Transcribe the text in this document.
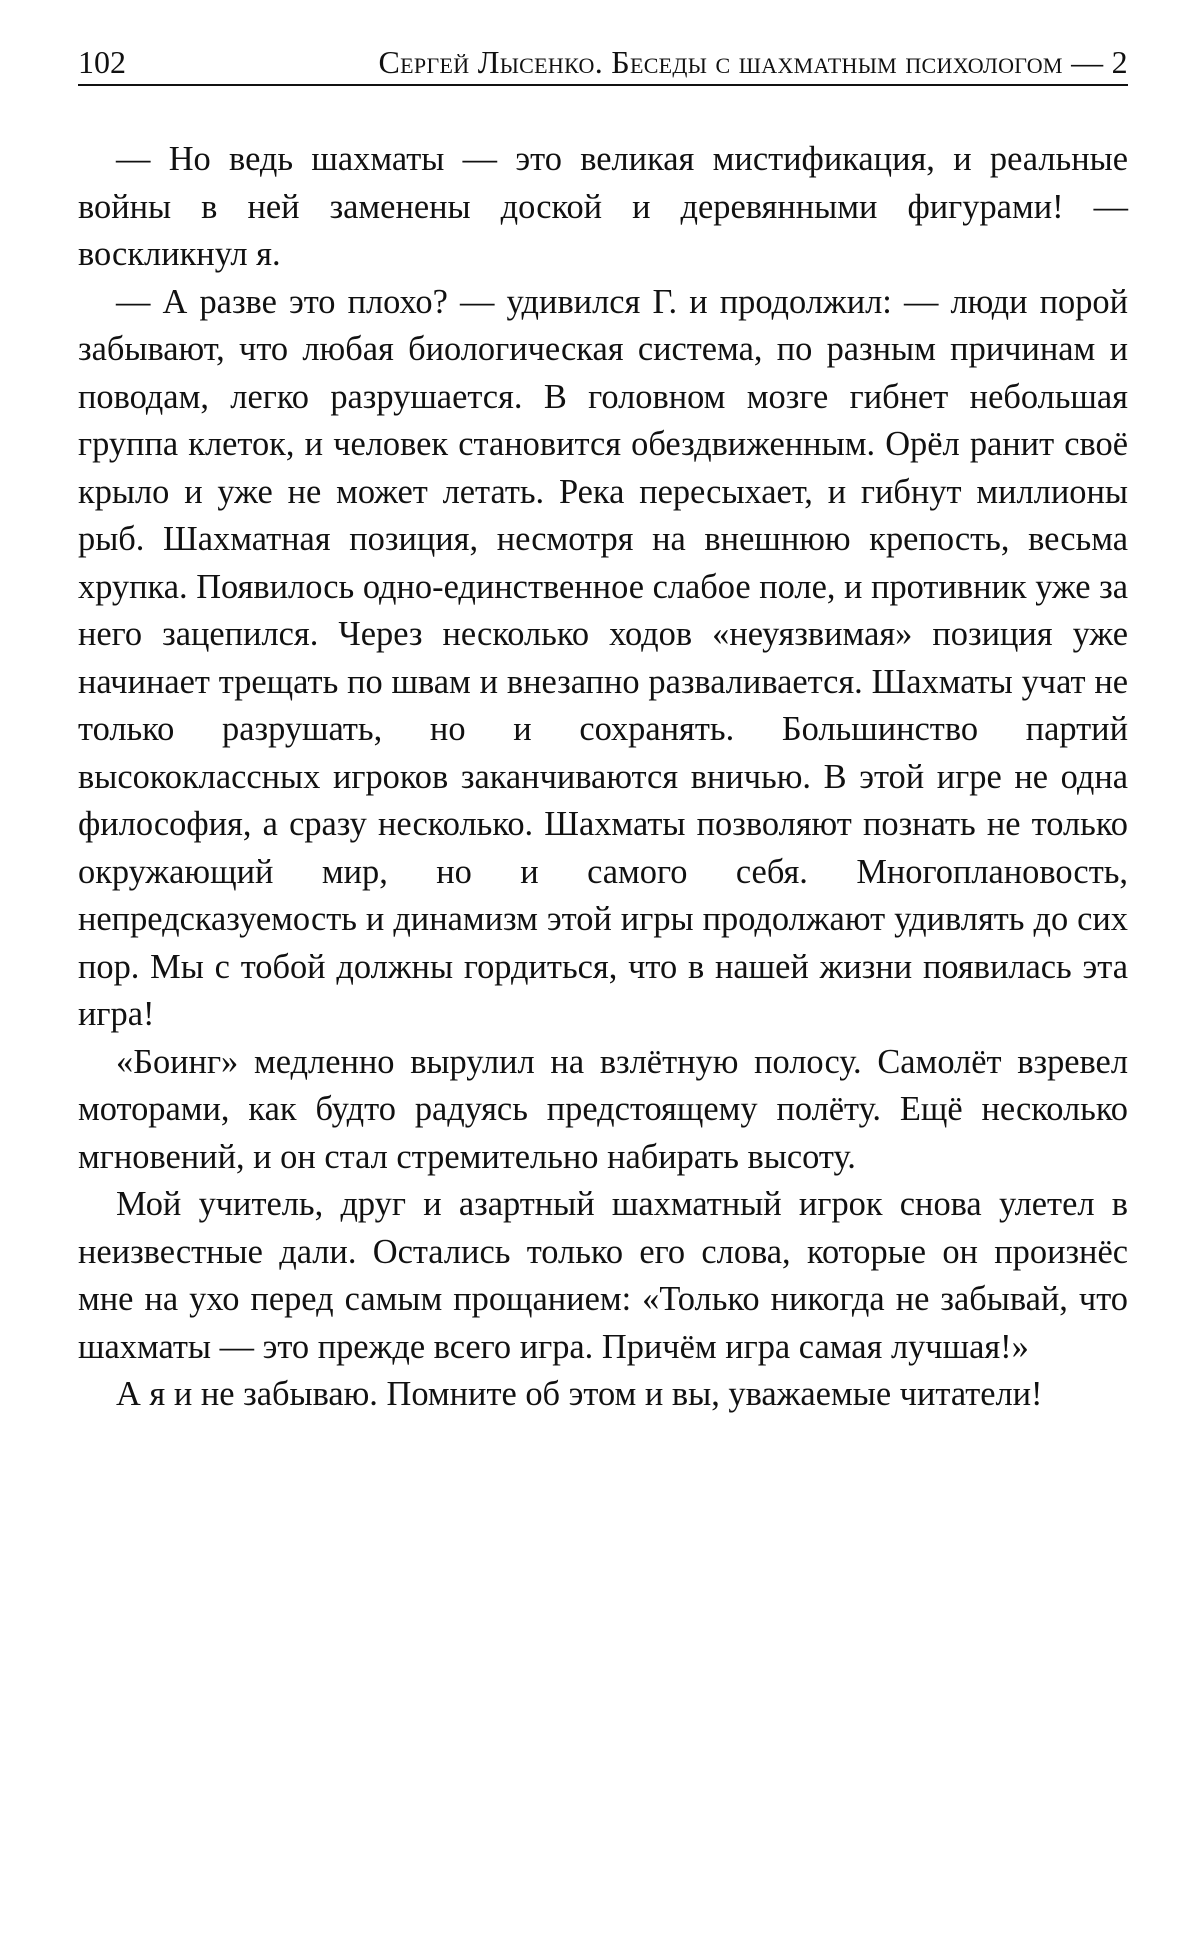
102	Сергей Лысенко. Беседы с шахматным психологом — 2

— Но ведь шахматы — это великая мистификация, и реальные войны в ней заменены доской и деревянными фигурами! — воскликнул я.

— А разве это плохо? — удивился Г. и продолжил: — люди порой забывают, что любая биологическая система, по разным причинам и поводам, легко разрушается. В головном мозге гибнет небольшая группа клеток, и человек становится обездвиженным. Орёл ранит своё крыло и уже не может летать. Река пересыхает, и гибнут миллионы рыб. Шахматная позиция, несмотря на внешнюю крепость, весьма хрупка. Появилось одно-единственное слабое поле, и противник уже за него зацепился. Через несколько ходов «неуязвимая» позиция уже начинает трещать по швам и внезапно разваливается. Шахматы учат не только разрушать, но и сохранять. Большинство партий высококлассных игроков заканчиваются вничью. В этой игре не одна философия, а сразу несколько. Шахматы позволяют познать не только окружающий мир, но и самого себя. Многоплановость, непредсказуемость и динамизм этой игры продолжают удивлять до сих пор. Мы с тобой должны гордиться, что в нашей жизни появилась эта игра!

«Боинг» медленно вырулил на взлётную полосу. Самолёт взревел моторами, как будто радуясь предстоящему полёту. Ещё несколько мгновений, и он стал стремительно набирать высоту.

Мой учитель, друг и азартный шахматный игрок снова улетел в неизвестные дали. Остались только его слова, которые он произнёс мне на ухо перед самым прощанием: «Только никогда не забывай, что шахматы — это прежде всего игра. Причём игра самая лучшая!»

А я и не забываю. Помните об этом и вы, уважаемые читатели!
